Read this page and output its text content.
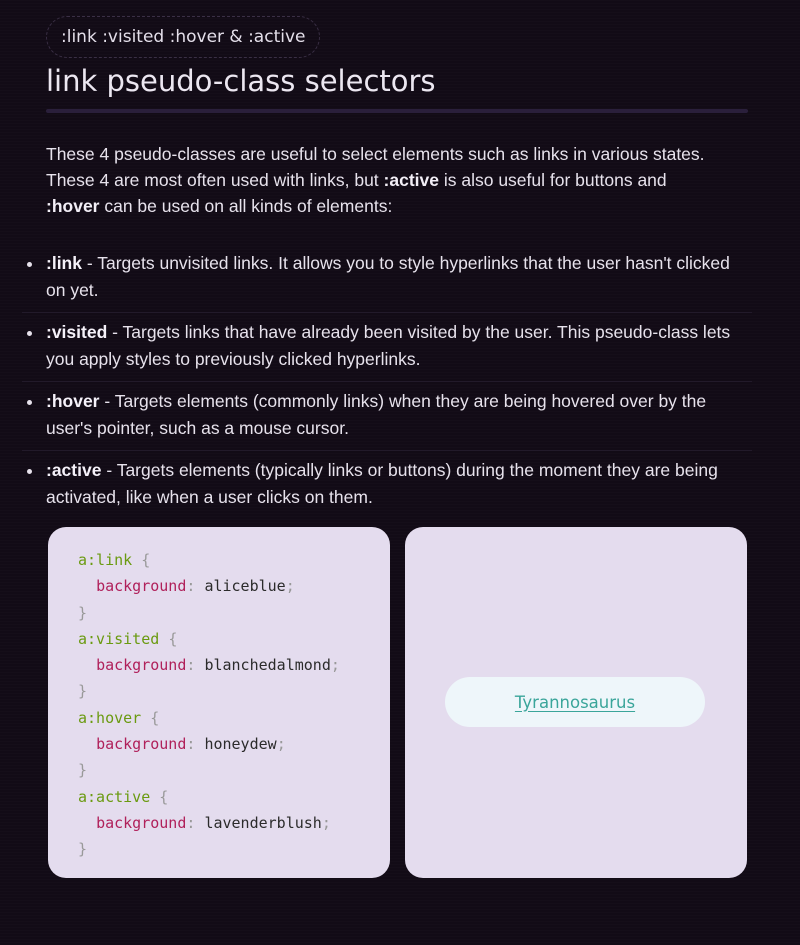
:link :visited :hover & :active
link pseudo-class selectors

These 4 pseudo-classes are useful to select elements such as links in various states.
These 4 are most often used with links, but :active is also useful for buttons and
:hover can be used on all kinds of elements:

:link - Targets unvisited links. It allows you to style hyperlinks that the user hasn't clicked on yet.
:visited - Targets links that have already been visited by the user. This pseudo-class lets you apply styles to previously clicked hyperlinks.
:hover - Targets elements (commonly links) when they are being hovered over by the user's pointer, such as a mouse cursor.
:active - Targets elements (typically links or buttons) during the moment they are being activated, like when a user clicks on them.
a:link {
background: aliceblue;
}
a:visited {
background: blanchedalmond;
}
a:hover {
background: honeydew;
}
a:active {
background: lavenderblush;
}
Tyrannosaurus
